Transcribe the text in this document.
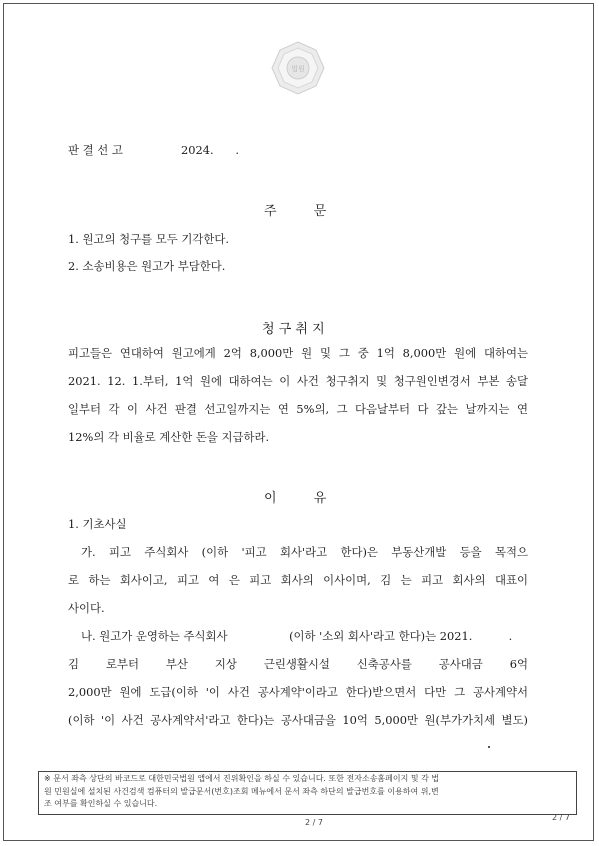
법원
판 결 선 고	2024.      .
주         문
1. 원고의 청구를 모두 기각한다.
2. 소송비용은 원고가 부담한다.
청 구 취 지
피고들은 연대하여 원고에게 2억 8,000만 원 및 그 중 1억 8,000만 원에 대하여는
2021. 12. 1.부터, 1억 원에 대하여는 이 사건 청구취지 및 청구원인변경서 부본 송달
일부터 각 이 사건 판결 선고일까지는 연 5%의, 그 다음날부터 다 갚는 날까지는 연
12%의 각 비율로 계산한 돈을 지급하라.
이         유
1. 기초사실
가. 피고 주식회사 (이하 '피고 회사'라고 한다)은 부동산개발 등을 목적으
로 하는 회사이고, 피고 여 은 피고 회사의 이사이며, 김 는 피고 회사의 대표이
사이다.
나. 원고가 운영하는 주식회사                 (이하 '소외 회사'라고 한다)는 2021.          .
김 로부터 부산 지상 근린생활시설 신축공사를 공사대금 6억
2,000만 원에 도급(이하 '이 사건 공사계약'이라고 한다)받으면서 다만 그 공사계약서
(이하 '이 사건 공사계약서'라고 한다)는 공사대금을 10억 5,000만 원(부가가치세 별도)
※ 문서 좌측 상단의 바코드로 대한민국법원 앱에서 진위확인을 하실 수 있습니다. 또한 전자소송홈페이지 및 각 법
원 민원실에 설치된 사건검색 컴퓨터의 발급문서(번호)조회 메뉴에서 문서 좌측 하단의 발급번호를 이용하여 위,변
조 여부를 확인하실 수 있습니다.
2 / 7
2 / 7
